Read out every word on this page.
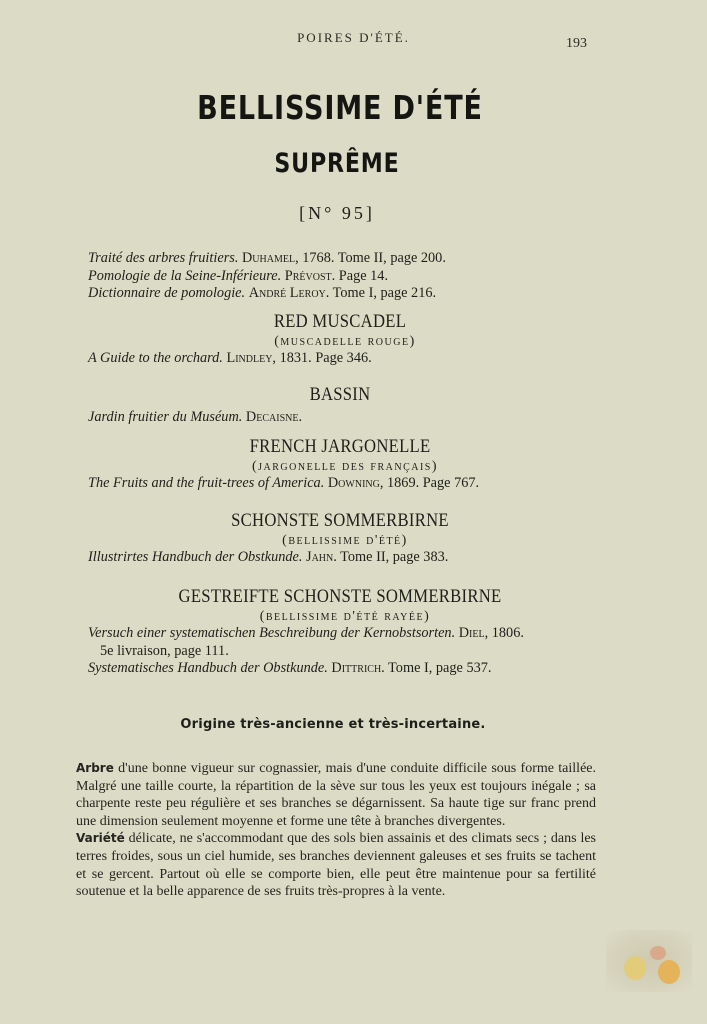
POIRES D'ÉTÉ.	193
BELLISSIME D'ÉTÉ
SUPRÊME
[N° 95]
Traité des arbres fruitiers. Duhamel, 1768. Tome II, page 200.
Pomologie de la Seine-Inférieure. Prévost. Page 14.
Dictionnaire de pomologie. André Leroy. Tome I, page 216.
RED MUSCADEL
(muscadelle rouge)
A Guide to the orchard. Lindley, 1831. Page 346.
BASSIN
Jardin fruitier du Muséum. Decaisne.
FRENCH JARGONELLE
(jargonelle des français)
The Fruits and the fruit-trees of America. Downing, 1869. Page 767.
SCHONSTE SOMMERBIRNE
(bellissime d'été)
Illustrirtes Handbuch der Obstkunde. Jahn. Tome II, page 383.
GESTREIFTE SCHONSTE SOMMERBIRNE
(bellissime d'été rayée)
Versuch einer systematischen Beschreibung der Kernobstsorten. Diel, 1806.
5e livraison, page 111.
Systematisches Handbuch der Obstkunde. Dittrich. Tome I, page 537.
Origine très-ancienne et très-incertaine.

Arbre d'une bonne vigueur sur cognassier, mais d'une conduite difficile sous forme taillée. Malgré une taille courte, la répartition de la sève sur tous les yeux est toujours inégale ; sa charpente reste peu régulière et ses branches se dégarnissent. Sa haute tige sur franc prend une dimension seulement moyenne et forme une tête à branches divergentes.

Variété délicate, ne s'accommodant que des sols bien assainis et des climats secs ; dans les terres froides, sous un ciel humide, ses branches deviennent galeuses et ses fruits se tachent et se gercent. Partout où elle se comporte bien, elle peut être maintenue pour sa fertilité soutenue et la belle apparence de ses fruits très-propres à la vente.
